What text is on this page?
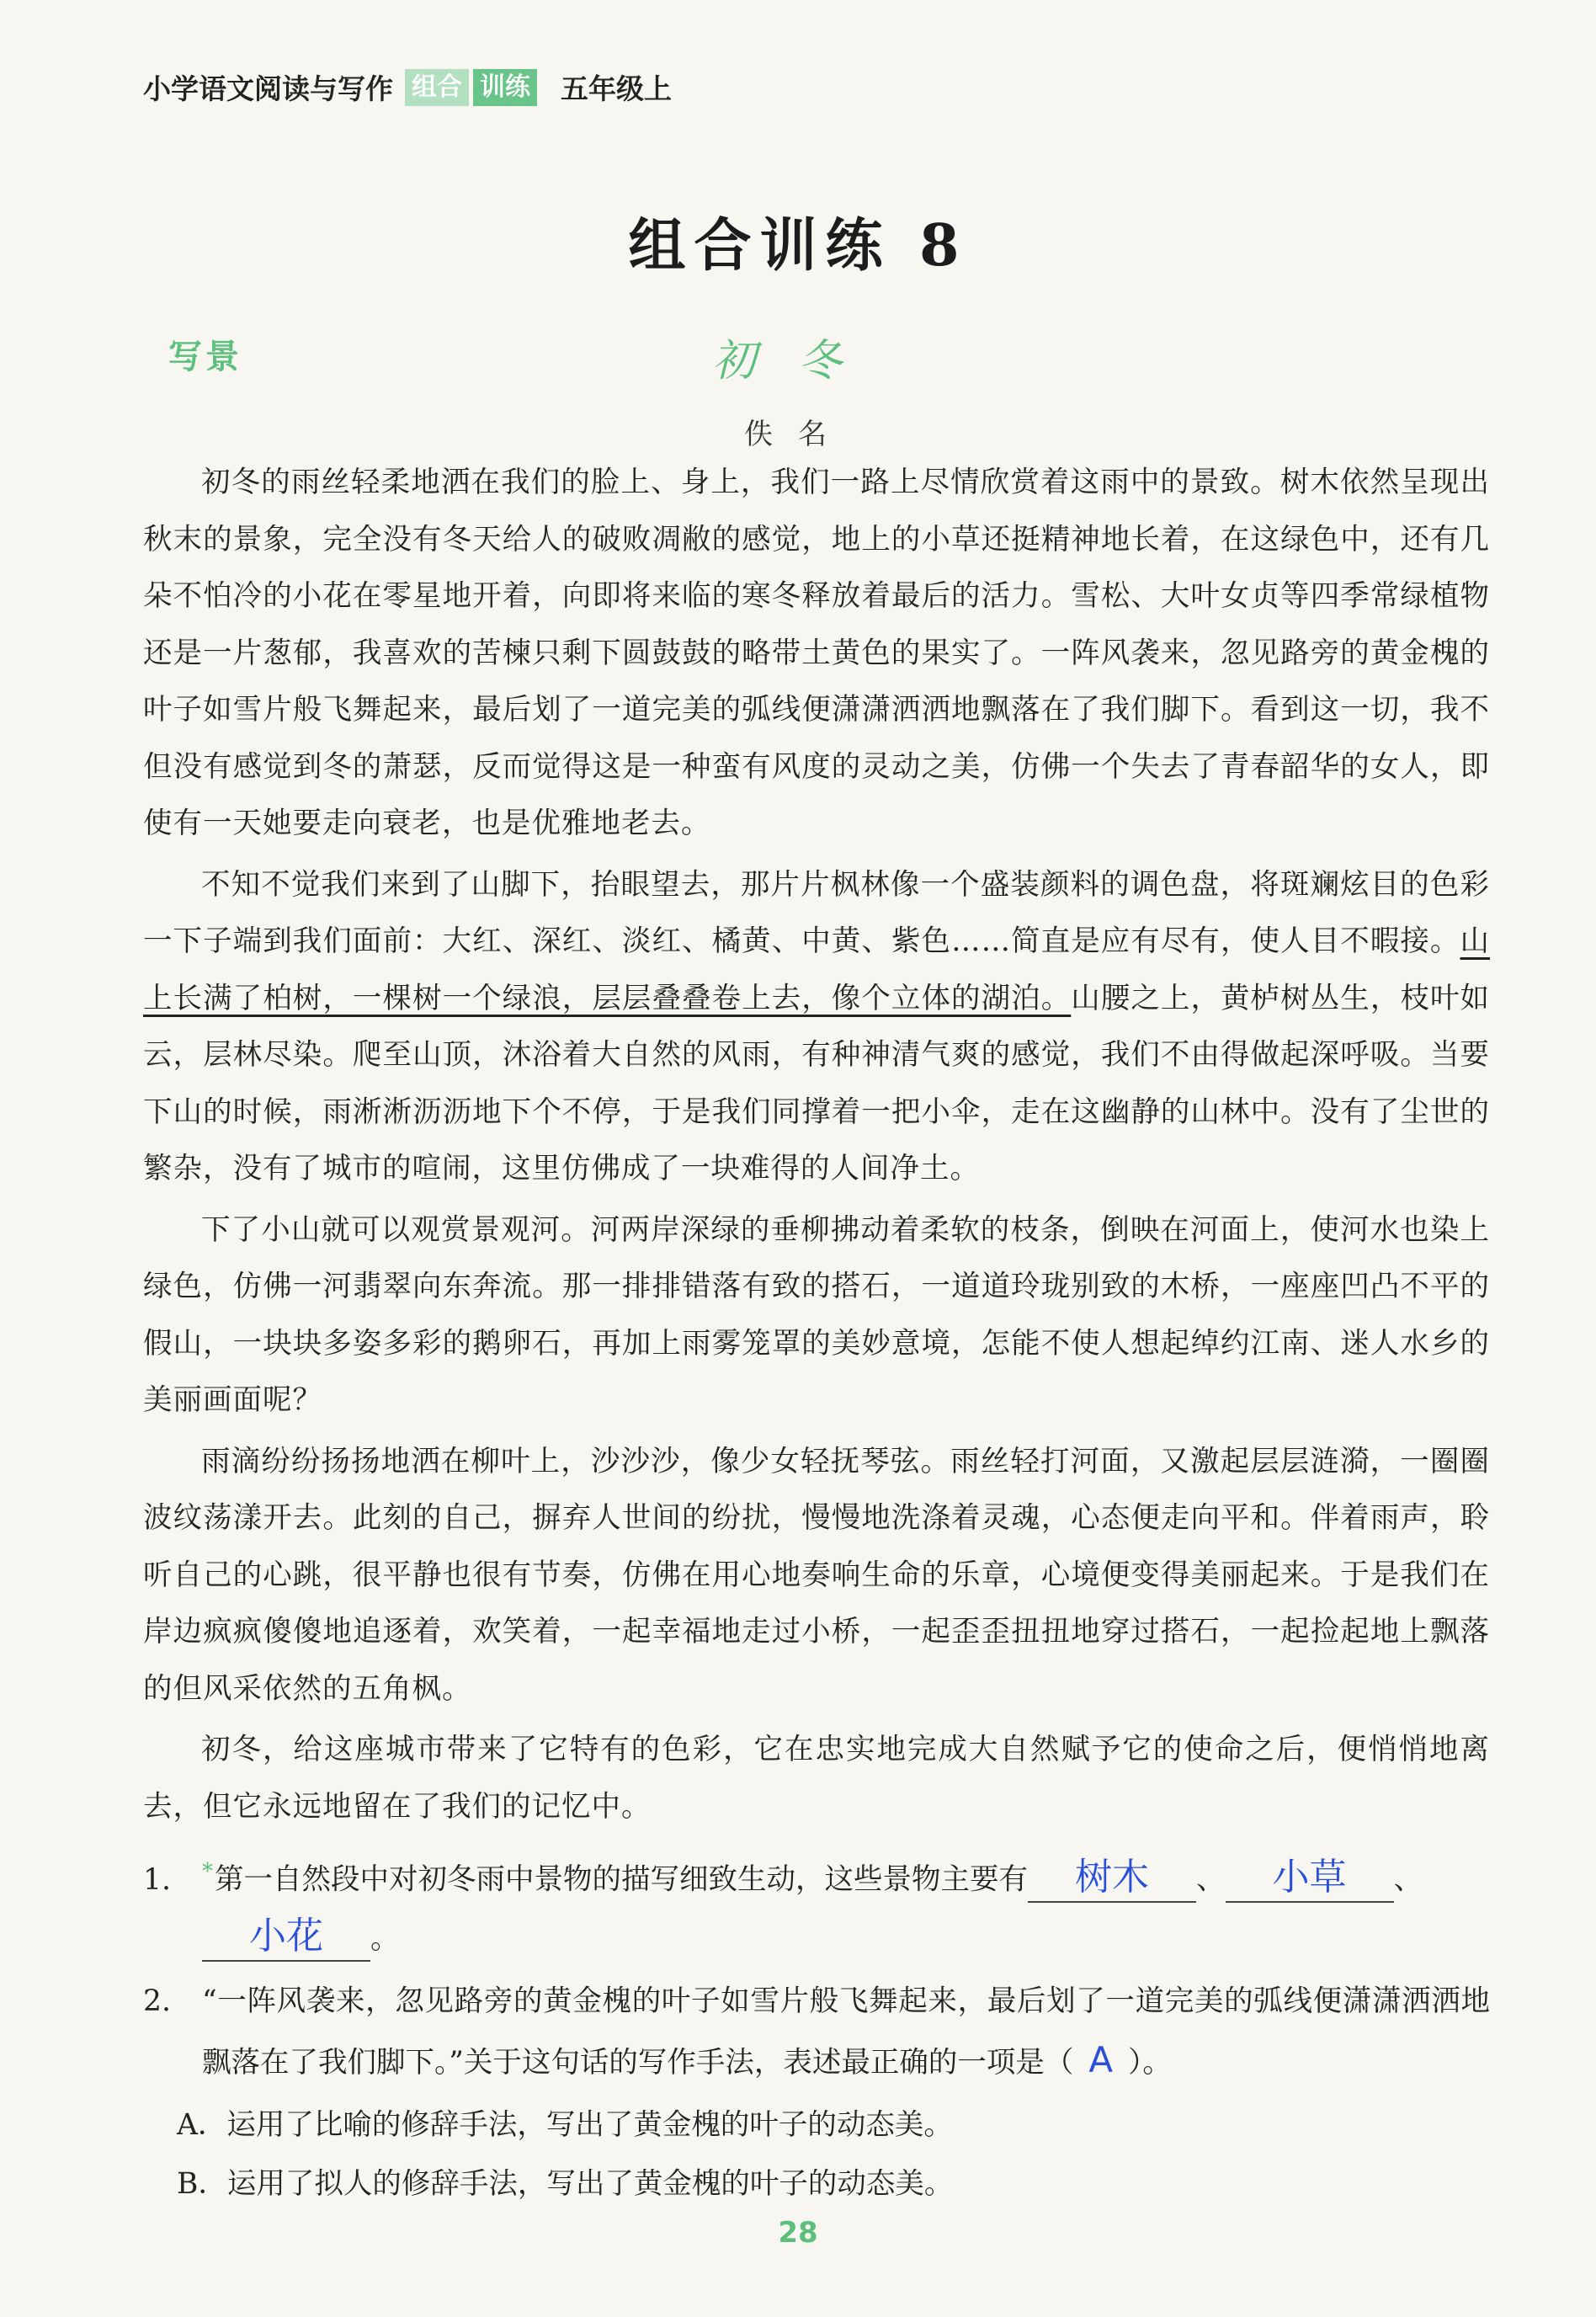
小学语文阅读与写作 组合 训练 五年级上
组合训练 8
写景	初冬
佚名

初冬的雨丝轻柔地洒在我们的脸上、身上，我们一路上尽情欣赏着这雨中的景致。树木依然呈现出秋末的景象，完全没有冬天给人的破败凋敝的感觉，地上的小草还挺精神地长着，在这绿色中，还有几朵不怕冷的小花在零星地开着，向即将来临的寒冬释放着最后的活力。雪松、大叶女贞等四季常绿植物还是一片葱郁，我喜欢的苦楝只剩下圆鼓鼓的略带土黄色的果实了。一阵风袭来，忽见路旁的黄金槐的叶子如雪片般飞舞起来，最后划了一道完美的弧线便潇潇洒洒地飘落在了我们脚下。看到这一切，我不但没有感觉到冬的萧瑟，反而觉得这是一种蛮有风度的灵动之美，仿佛一个失去了青春韶华的女人，即使有一天她要走向衰老，也是优雅地老去。

不知不觉我们来到了山脚下，抬眼望去，那片片枫林像一个盛装颜料的调色盘，将斑斓炫目的色彩一下子端到我们面前：大红、深红、淡红、橘黄、中黄、紫色……简直是应有尽有，使人目不暇接。山上长满了柏树，一棵树一个绿浪，层层叠叠卷上去，像个立体的湖泊。山腰之上，黄栌树丛生，枝叶如云，层林尽染。爬至山顶，沐浴着大自然的风雨，有种神清气爽的感觉，我们不由得做起深呼吸。当要下山的时候，雨淅淅沥沥地下个不停，于是我们同撑着一把小伞，走在这幽静的山林中。没有了尘世的繁杂，没有了城市的喧闹，这里仿佛成了一块难得的人间净土。

下了小山就可以观赏景观河。河两岸深绿的垂柳拂动着柔软的枝条，倒映在河面上，使河水也染上绿色，仿佛一河翡翠向东奔流。那一排排错落有致的搭石，一道道玲珑别致的木桥，一座座凹凸不平的假山，一块块多姿多彩的鹅卵石，再加上雨雾笼罩的美妙意境，怎能不使人想起绰约江南、迷人水乡的美丽画面呢？

雨滴纷纷扬扬地洒在柳叶上，沙沙沙，像少女轻抚琴弦。雨丝轻打河面，又激起层层涟漪，一圈圈波纹荡漾开去。此刻的自己，摒弃人世间的纷扰，慢慢地洗涤着灵魂，心态便走向平和。伴着雨声，聆听自己的心跳，很平静也很有节奏，仿佛在用心地奏响生命的乐章，心境便变得美丽起来。于是我们在岸边疯疯傻傻地追逐着，欢笑着，一起幸福地走过小桥，一起歪歪扭扭地穿过搭石，一起捡起地上飘落的但风采依然的五角枫。

初冬，给这座城市带来了它特有的色彩，它在忠实地完成大自然赋予它的使命之后，便悄悄地离去，但它永远地留在了我们的记忆中。

1. *第一自然段中对初冬雨中景物的描写细致生动，这些景物主要有 树木 、 小草 、
小花 。

2. “一阵风袭来，忽见路旁的黄金槐的叶子如雪片般飞舞起来，最后划了一道完美的弧线便潇潇洒洒地飘落在了我们脚下。”关于这句话的写作手法，表述最正确的一项是（ A ）。

A．运用了比喻的修辞手法，写出了黄金槐的叶子的动态美。

B．运用了拟人的修辞手法，写出了黄金槐的叶子的动态美。

28
